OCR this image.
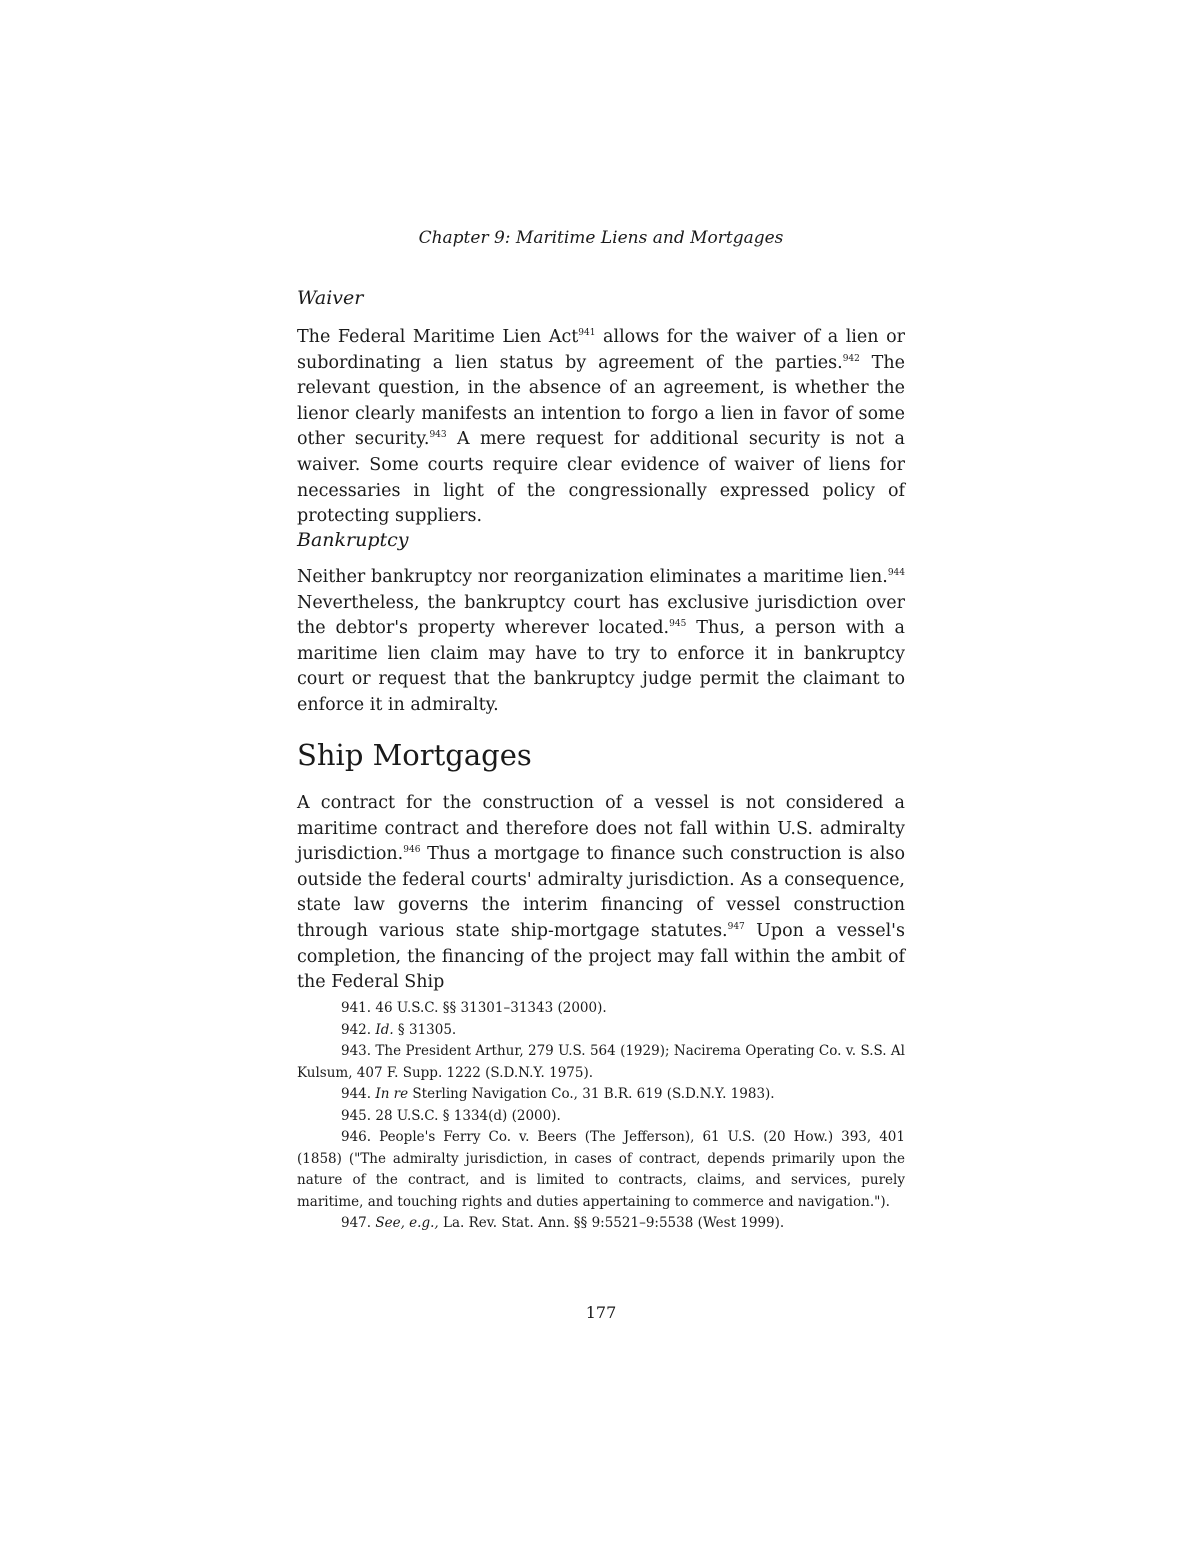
Chapter 9: Maritime Liens and Mortgages

Waiver

The Federal Maritime Lien Act$^{941}$ allows for the waiver of a lien or subordinating a lien status by agreement of the parties.$^{942}$ The relevant question, in the absence of an agreement, is whether the lienor clearly manifests an intention to forgo a lien in favor of some other security.$^{943}$ A mere request for additional security is not a waiver. Some courts require clear evidence of waiver of liens for necessaries in light of the congressionally expressed policy of protecting suppliers.

Bankruptcy

Neither bankruptcy nor reorganization eliminates a maritime lien.$^{944}$ Nevertheless, the bankruptcy court has exclusive jurisdiction over the debtor's property wherever located.$^{945}$ Thus, a person with a maritime lien claim may have to try to enforce it in bankruptcy court or request that the bankruptcy judge permit the claimant to enforce it in admiralty.

Ship Mortgages

A contract for the construction of a vessel is not considered a maritime contract and therefore does not fall within U.S. admiralty jurisdiction.$^{946}$ Thus a mortgage to finance such construction is also outside the federal courts' admiralty jurisdiction. As a consequence, state law governs the interim financing of vessel construction through various state ship-mortgage statutes.$^{947}$ Upon a vessel's completion, the financing of the project may fall within the ambit of the Federal Ship

941. 46 U.S.C. §§ 31301–31343 (2000).

942. Id. § 31305.

943. The President Arthur, 279 U.S. 564 (1929); Nacirema Operating Co. v. S.S. Al Kulsum, 407 F. Supp. 1222 (S.D.N.Y. 1975).

944. In re Sterling Navigation Co., 31 B.R. 619 (S.D.N.Y. 1983).

945. 28 U.S.C. § 1334(d) (2000).

946. People's Ferry Co. v. Beers (The Jefferson), 61 U.S. (20 How.) 393, 401 (1858) ("The admiralty jurisdiction, in cases of contract, depends primarily upon the nature of the contract, and is limited to contracts, claims, and services, purely maritime, and touching rights and duties appertaining to commerce and navigation.").

947. See, e.g., La. Rev. Stat. Ann. §§ 9:5521–9:5538 (West 1999).

177
